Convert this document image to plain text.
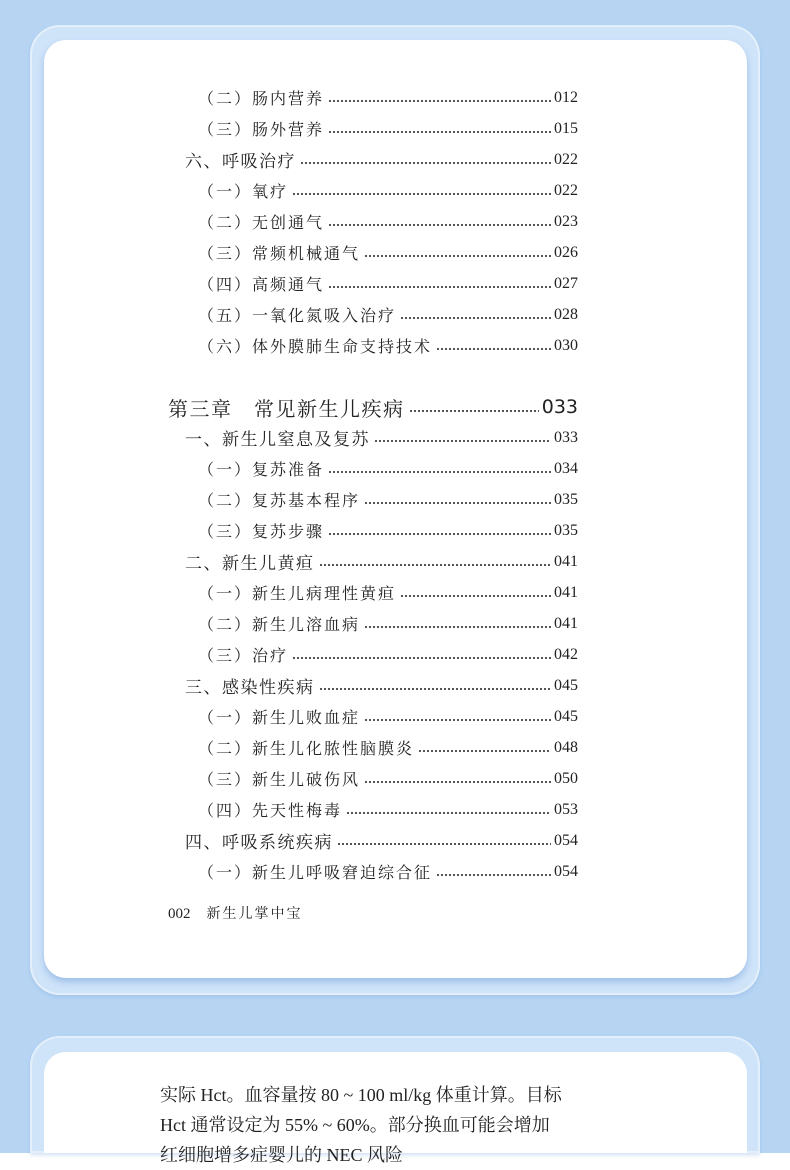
（二）肠内营养	012
（三）肠外营养	015
六、呼吸治疗	022
（一）氧疗	022
（二）无创通气	023
（三）常频机械通气	026
（四）高频通气	027
（五）一氧化氮吸入治疗	028
（六）体外膜肺生命支持技术	030
第三章　常见新生儿疾病	033
一、新生儿窒息及复苏	033
（一）复苏准备	034
（二）复苏基本程序	035
（三）复苏步骤	035
二、新生儿黄疸	041
（一）新生儿病理性黄疸	041
（二）新生儿溶血病	041
（三）治疗	042
三、感染性疾病	045
（一）新生儿败血症	045
（二）新生儿化脓性脑膜炎	048
（三）新生儿破伤风	050
（四）先天性梅毒	053
四、呼吸系统疾病	054
（一）新生儿呼吸窘迫综合征	054
002 新生儿掌中宝
实际 Hct。血容量按 80 ~ 100 ml/kg 体重计算。目标
Hct 通常设定为 55% ~ 60%。部分换血可能会增加
红细胞增多症婴儿的 NEC 风险
